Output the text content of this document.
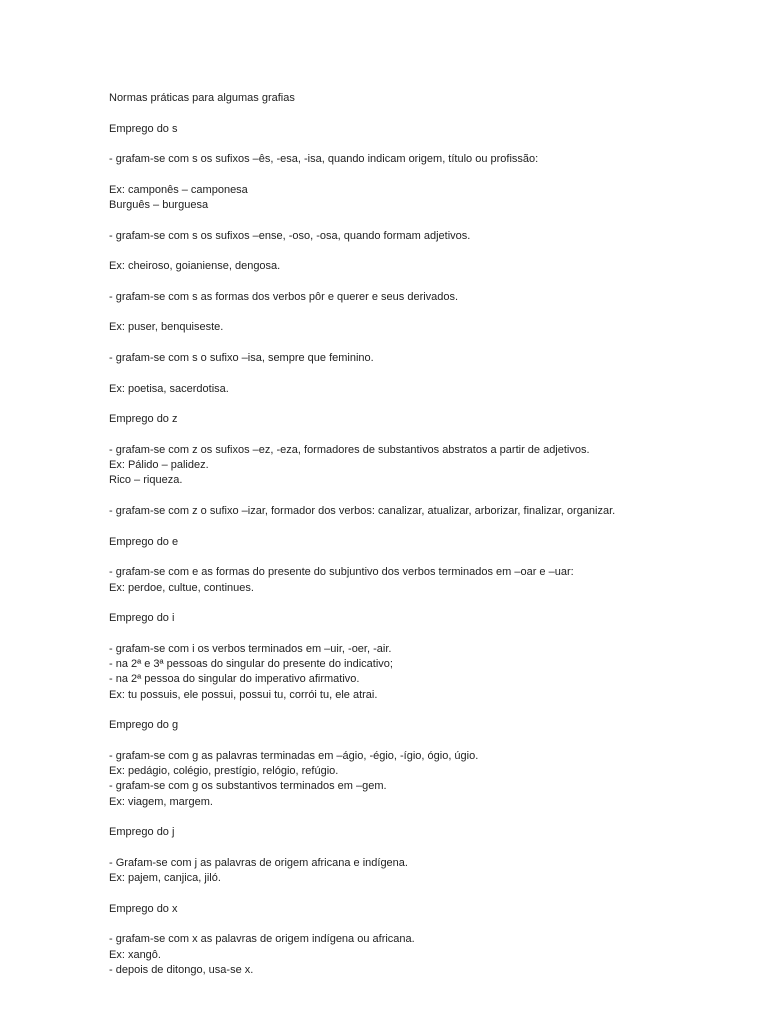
Normas práticas para algumas grafias
Emprego do s
- grafam-se com s os sufixos –ês, -esa, -isa, quando indicam origem, título ou profissão:
Ex: camponês – camponesa
Burguês – burguesa
- grafam-se com s os sufixos –ense, -oso, -osa, quando formam adjetivos.
Ex: cheiroso, goianiense, dengosa.
- grafam-se com s as formas dos verbos pôr e querer e seus derivados.
Ex: puser, benquiseste.
- grafam-se com s o sufixo –isa, sempre que feminino.
Ex: poetisa, sacerdotisa.
Emprego do z
- grafam-se com z os sufixos –ez, -eza, formadores de substantivos abstratos a partir de adjetivos.
Ex: Pálido – palidez.
Rico – riqueza.
- grafam-se com z o sufixo –izar, formador dos verbos: canalizar, atualizar, arborizar, finalizar, organizar.
Emprego do e
- grafam-se com e as formas do presente do subjuntivo dos verbos terminados em –oar e –uar:
Ex: perdoe, cultue, continues.
Emprego do i
- grafam-se com i os verbos terminados em –uir, -oer, -air.
- na 2ª e 3ª pessoas do singular do presente do indicativo;
- na 2ª pessoa do singular do imperativo afirmativo.
Ex: tu possuis, ele possui, possui tu, corrói tu, ele atrai.
Emprego do g
- grafam-se com g as palavras terminadas em –ágio, -égio, -ígio, ógio, úgio.
Ex: pedágio, colégio, prestígio, relógio, refúgio.
- grafam-se com g os substantivos terminados em –gem.
Ex: viagem, margem.
Emprego do j
- Grafam-se com j as palavras de origem africana e indígena.
Ex: pajem, canjica, jiló.
Emprego do x
- grafam-se com x as palavras de origem indígena ou africana.
Ex: xangô.
- depois de ditongo, usa-se x.
